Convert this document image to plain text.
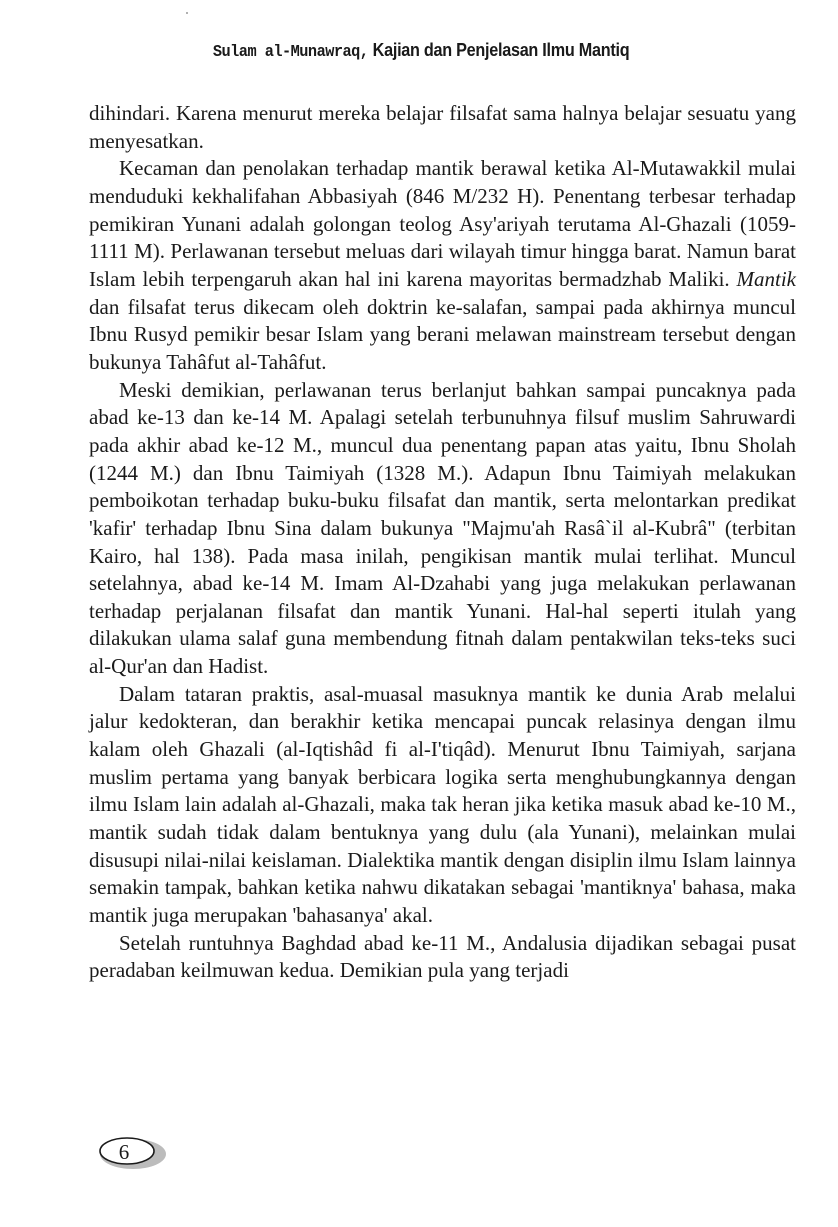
Sulam al-Munawraq, Kajian dan Penjelasan Ilmu Mantiq

dihindari. Karena menurut mereka belajar filsafat sama halnya belajar sesuatu yang menyesatkan.

Kecaman dan penolakan terhadap mantik berawal ketika Al-Mutawakkil mulai menduduki kekhalifahan Abbasiyah (846 M/232 H). Penentang terbesar terhadap pemikiran Yunani adalah golongan teolog Asy'ariyah terutama Al-Ghazali (1059-1111 M). Perlawanan tersebut meluas dari wilayah timur hingga barat. Namun barat Islam lebih terpengaruh akan hal ini karena mayoritas bermadzhab Maliki. Mantik dan filsafat terus dikecam oleh doktrin ke-salafan, sampai pada akhirnya muncul Ibnu Rusyd pemikir besar Islam yang berani melawan mainstream tersebut dengan bukunya Tahâfut al-Tahâfut.

Meski demikian, perlawanan terus berlanjut bahkan sampai puncaknya pada abad ke-13 dan ke-14 M. Apalagi setelah terbunuhnya filsuf muslim Sahruwardi pada akhir abad ke-12 M., muncul dua penentang papan atas yaitu, Ibnu Sholah (1244 M.) dan Ibnu Taimiyah (1328 M.). Adapun Ibnu Taimiyah melakukan pemboikotan terhadap buku-buku filsafat dan mantik, serta melontarkan predikat 'kafir' terhadap Ibnu Sina dalam bukunya "Majmu'ah Rasâ`il al-Kubrâ" (terbitan Kairo, hal 138). Pada masa inilah, pengikisan mantik mulai terlihat. Muncul setelahnya, abad ke-14 M. Imam Al-Dzahabi yang juga melakukan perlawanan terhadap perjalanan filsafat dan mantik Yunani. Hal-hal seperti itulah yang dilakukan ulama salaf guna membendung fitnah dalam pentakwilan teks-teks suci al-Qur'an dan Hadist.

Dalam tataran praktis, asal-muasal masuknya mantik ke dunia Arab melalui jalur kedokteran, dan berakhir ketika mencapai puncak relasinya dengan ilmu kalam oleh Ghazali (al-Iqtishâd fi al-I'tiqâd). Menurut Ibnu Taimiyah, sarjana muslim pertama yang banyak berbicara logika serta menghubungkannya dengan ilmu Islam lain adalah al-Ghazali, maka tak heran jika ketika masuk abad ke-10 M., mantik sudah tidak dalam bentuknya yang dulu (ala Yunani), melainkan mulai disusupi nilai-nilai keislaman. Dialektika mantik dengan disiplin ilmu Islam lainnya semakin tampak, bahkan ketika nahwu dikatakan sebagai 'mantiknya' bahasa, maka mantik juga merupakan 'bahasanya' akal.

Setelah runtuhnya Baghdad abad ke-11 M., Andalusia dijadikan sebagai pusat peradaban keilmuwan kedua. Demikian pula yang terjadi

6
